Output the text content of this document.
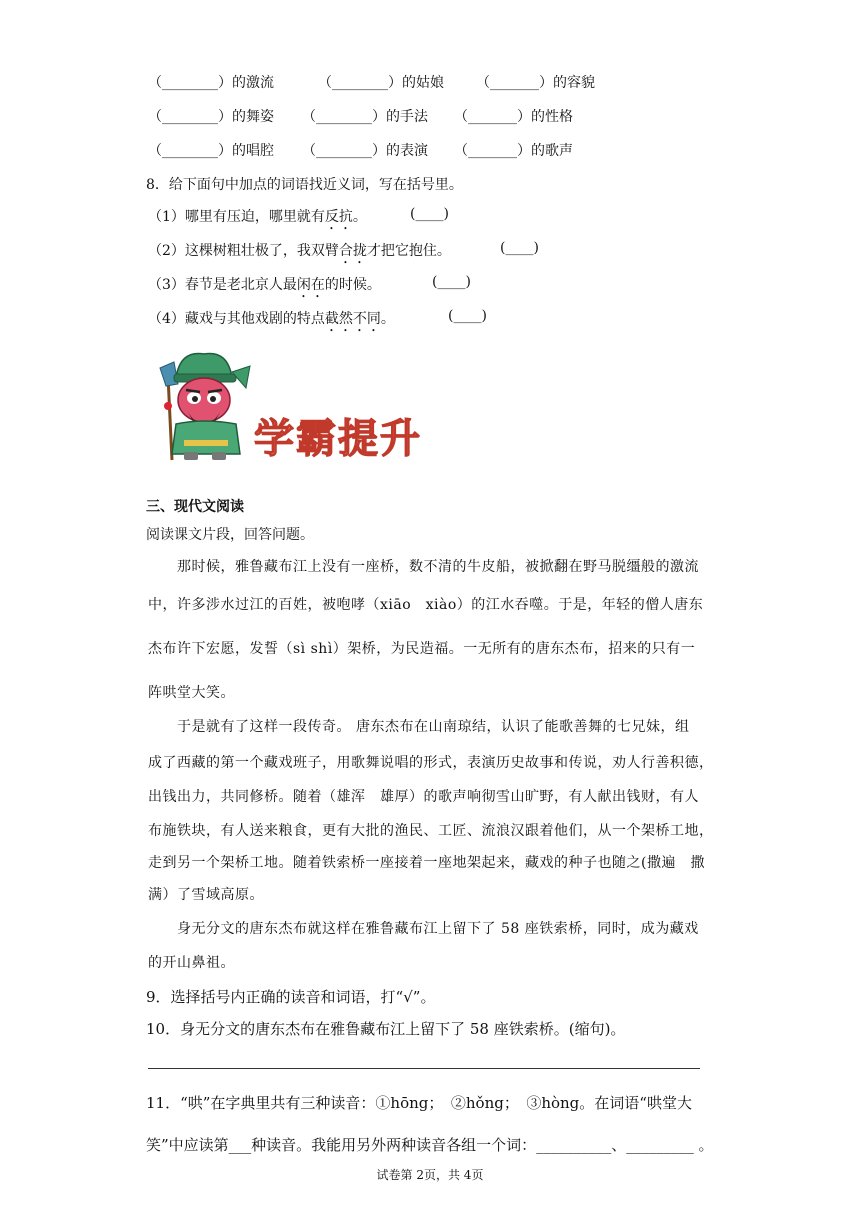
（________）的激流	（________）的姑娘 （_______）的容貌
（________）的舞姿 （________）的手法 （_______）的性格
（________）的唱腔 （________）的表演 （_______）的歌声
8．给下面句中加点的词语找近义词，写在括号里。
（1）哪里有压迫，哪里就有反抗。	(____)
（2）这棵树粗壮极了，我双臂合拢才把它抱住。	(____)
（3）春节是老北京人最闲在的时候。	(____)
（4）藏戏与其他戏剧的特点截然不同。	(____)
学霸提升
三、现代文阅读
阅读课文片段，回答问题。
　　那时候，雅鲁藏布江上没有一座桥，数不清的牛皮船，被掀翻在野马脱缰般的激流
中，许多涉水过江的百姓，被咆哮（xiāo　xiào）的江水吞噬。于是，年轻的僧人唐东
杰布许下宏愿，发誓（sì shì）架桥，为民造福。一无所有的唐东杰布，招来的只有一
阵哄堂大笑。
　　于是就有了这样一段传奇。 唐东杰布在山南琼结，认识了能歌善舞的七兄妹，组
成了西藏的第一个藏戏班子，用歌舞说唱的形式，表演历史故事和传说，劝人行善积德，
出钱出力，共同修桥。随着（雄浑　雄厚）的歌声响彻雪山旷野，有人献出钱财，有人
布施铁块，有人送来粮食，更有大批的渔民、工匠、流浪汉跟着他们，从一个架桥工地，
走到另一个架桥工地。随着铁索桥一座接着一座地架起来，藏戏的种子也随之(撒遍　撒
满）了雪域高原。
　　身无分文的唐东杰布就这样在雅鲁藏布江上留下了 58 座铁索桥，同时，成为藏戏
的开山鼻祖。
9．选择括号内正确的读音和词语，打“√”。
10．身无分文的唐东杰布在雅鲁藏布江上留下了 58 座铁索桥。(缩句)。
11．“哄”在字典里共有三种读音：①hōng；　②hǒng；　③hòng。在词语“哄堂大
笑”中应读第___种读音。我能用另外两种读音各组一个词：__________、_________ 。
试卷第 2页，共 4页
